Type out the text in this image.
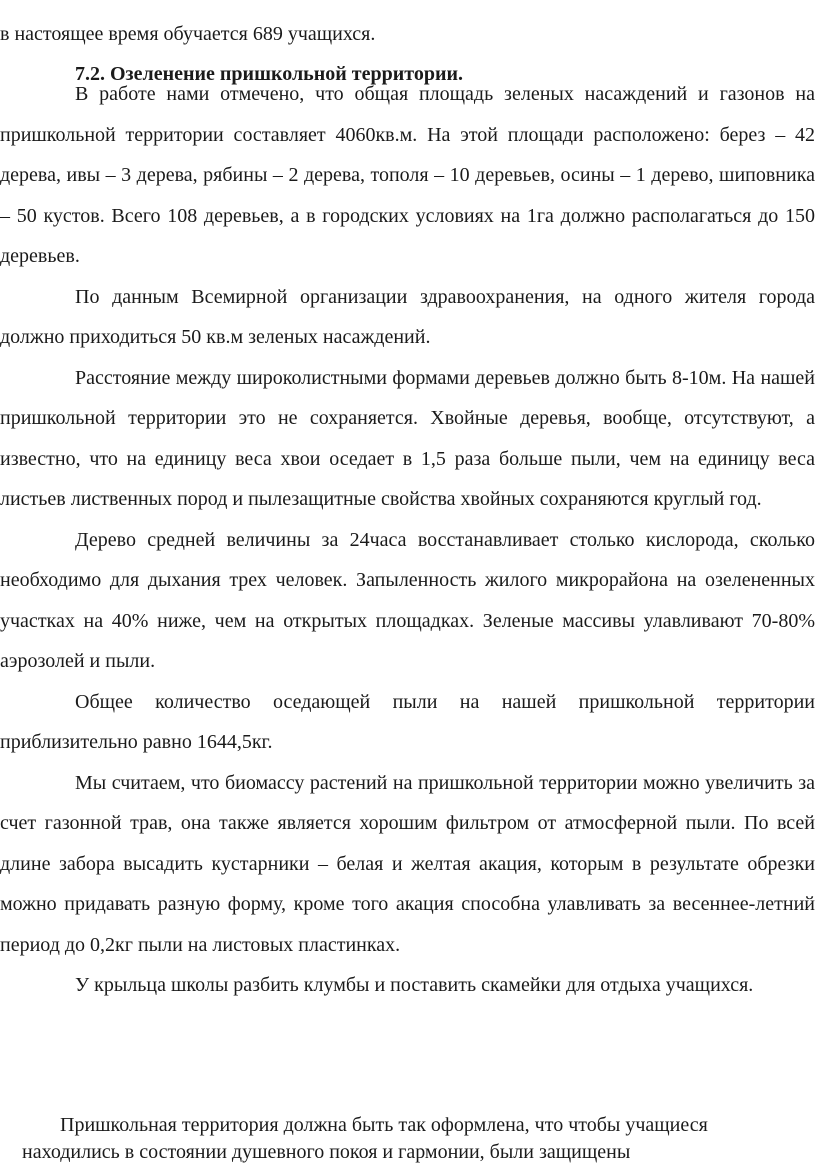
в настоящее время обучается 689 учащихся.

7.2. Озеленение пришкольной территории.

В работе нами отмечено, что общая площадь зеленых насаждений и газонов на пришкольной территории составляет 4060кв.м. На этой площади расположено: берез – 42 дерева, ивы – 3 дерева, рябины – 2 дерева, тополя – 10 деревьев, осины – 1 дерево, шиповника – 50 кустов. Всего 108 деревьев, а в городских условиях на 1га должно располагаться до 150 деревьев.

По данным Всемирной организации здравоохранения, на одного жителя города должно приходиться 50 кв.м зеленых насаждений.

Расстояние между широколистными формами деревьев должно быть 8-10м. На нашей пришкольной территории это не сохраняется. Хвойные деревья, вообще, отсутствуют, а известно, что на единицу веса хвои оседает в 1,5 раза больше пыли, чем на единицу веса листьев лиственных пород и пылезащитные свойства хвойных сохраняются круглый год.

Дерево средней величины за 24часа восстанавливает столько кислорода, сколько необходимо для дыхания трех человек. Запыленность жилого микрорайона на озелененных участках на 40% ниже, чем на открытых площадках. Зеленые массивы улавливают 70-80% аэрозолей и пыли.

Общее количество оседающей пыли на нашей пришкольной территории приблизительно равно 1644,5кг.

Мы считаем, что биомассу растений на пришкольной территории можно увеличить за счет газонной трав, она также является хорошим фильтром от атмосферной пыли. По всей длине забора высадить кустарники – белая и желтая акация, которым в результате обрезки можно придавать разную форму, кроме того акация способна улавливать за весеннее-летний период до 0,2кг пыли на листовых пластинках.

У крыльца школы разбить клумбы и поставить скамейки для отдыха учащихся.

Пришкольная территория должна быть так оформлена, что чтобы учащиеся
находились в состоянии душевного покоя и гармонии, были защищены
